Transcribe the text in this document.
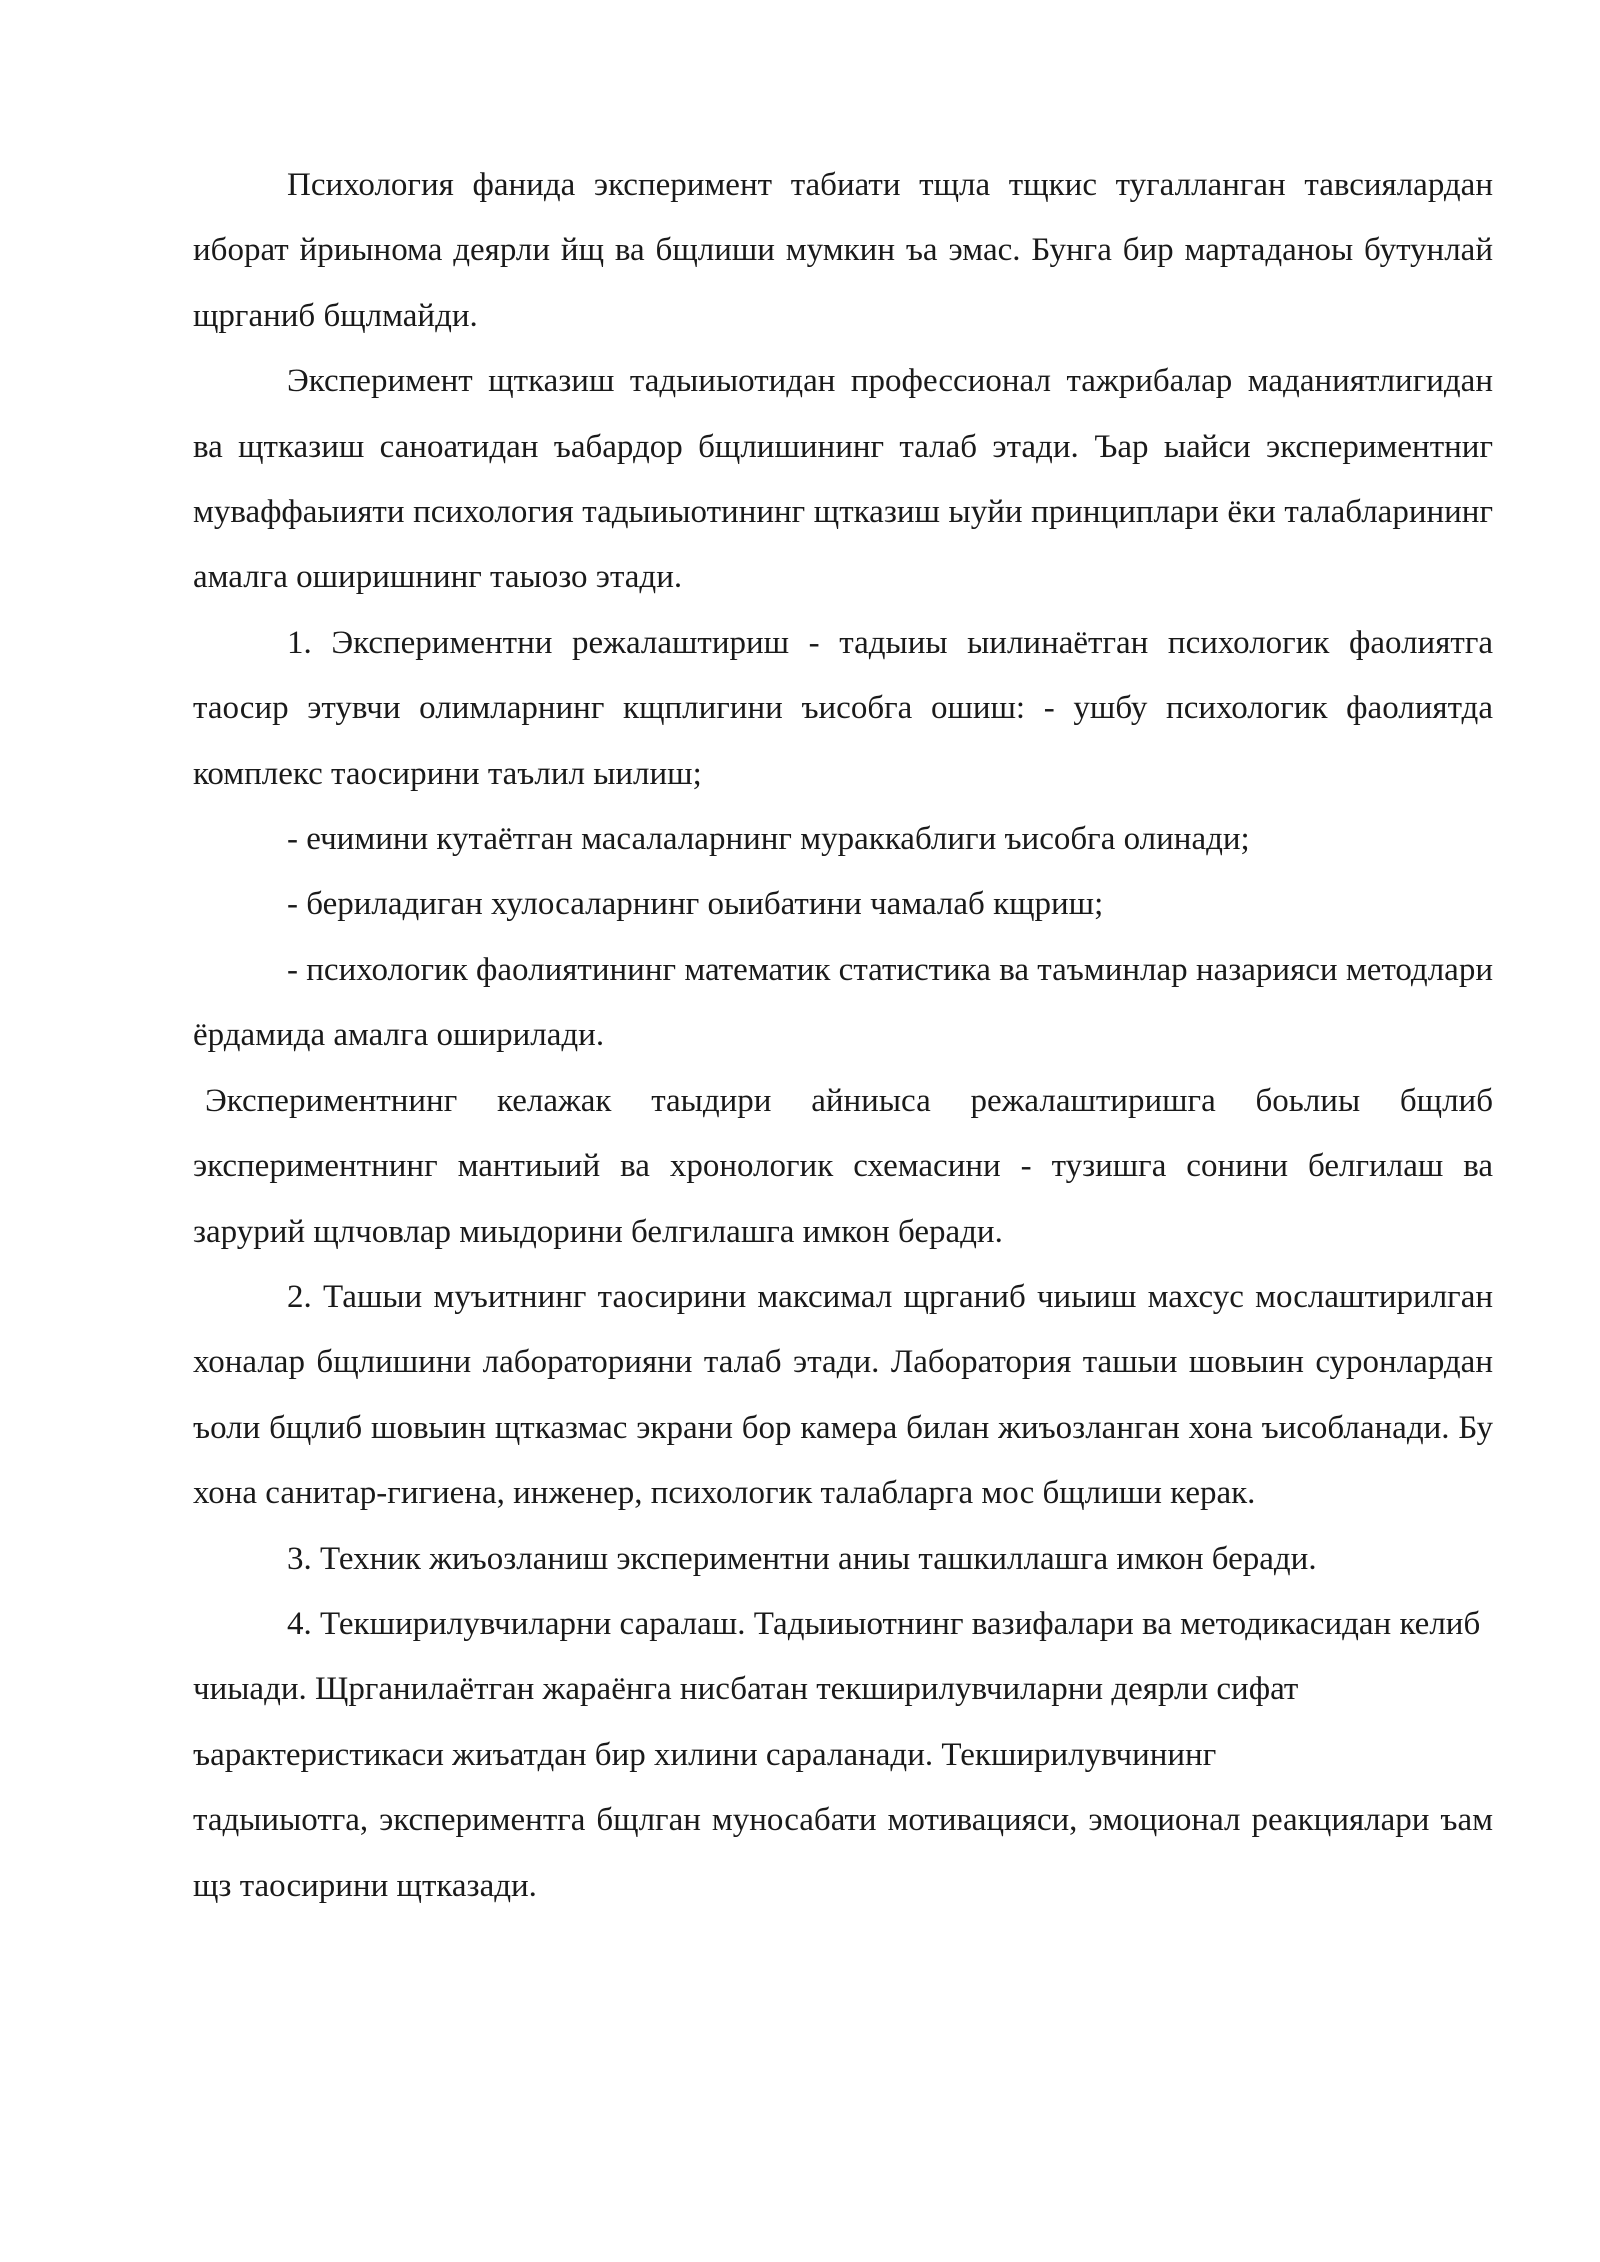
Психология фанида эксперимент табиати тщла тщкис тугалланган тавсиялардан иборат йриынома деярли йщ ва бщлиши мумкин ъа эмас. Бунга бир мартаданоы бутунлай щрганиб бщлмайди.

Эксперимент щтказиш тадыиыотидан профессионал тажрибалар маданиятлигидан ва щтказиш саноатидан ъабардор бщлишининг талаб этади. Ъар ыайси экспериментниг муваффаыияти психология тадыиыотининг щтказиш ыуйи принциплари ёки талабларининг амалга оширишнинг таыозо этади.

1. Экспериментни режалаштириш - тадыиы ыилинаётган психологик фаолиятга таосир этувчи олимларнинг кщплигини ъисобга ошиш: - ушбу психологик фаолиятда комплекс таосирини таълил ыилиш;

- ечимини кутаётган масалаларнинг мураккаблиги ъисобга олинади;

- бериладиган хулосаларнинг оыибатини чамалаб кщриш;

- психологик фаолиятининг математик статистика ва таъминлар назарияси методлари ёрдамида амалга оширилади.

Экспериментнинг келажак таыдири айниыса режалаштиришга боьлиы бщлиб экспериментнинг мантиыий ва хронологик схемасини - тузишга сонини белгилаш ва зарурий щлчовлар миыдорини белгилашга имкон беради.

2. Ташыи муъитнинг таосирини максимал щрганиб чиыиш махсус мослаштирилган хоналар бщлишини лабораторияни талаб этади. Лаборатория ташыи шовыин суронлардан ъоли бщлиб шовыин щтказмас экрани бор камера билан жиъозланган хона ъисобланади. Бу хона санитар-гигиена, инженер, психологик талабларга мос бщлиши керак.

3. Техник жиъозланиш экспериментни аниы ташкиллашга имкон беради.

4. Текширилувчиларни саралаш. Тадыиыотнинг вазифалари ва методикасидан келиб

чиыади. Щрганилаётган жараёнга нисбатан текширилувчиларни деярли сифат ъарактеристикаси жиъатдан бир хилини сараланади. Текширилувчининг

тадыиыотга, экспериментга бщлган муносабати мотивацияси, эмоционал реакциялари ъам щз таосирини щтказади.
